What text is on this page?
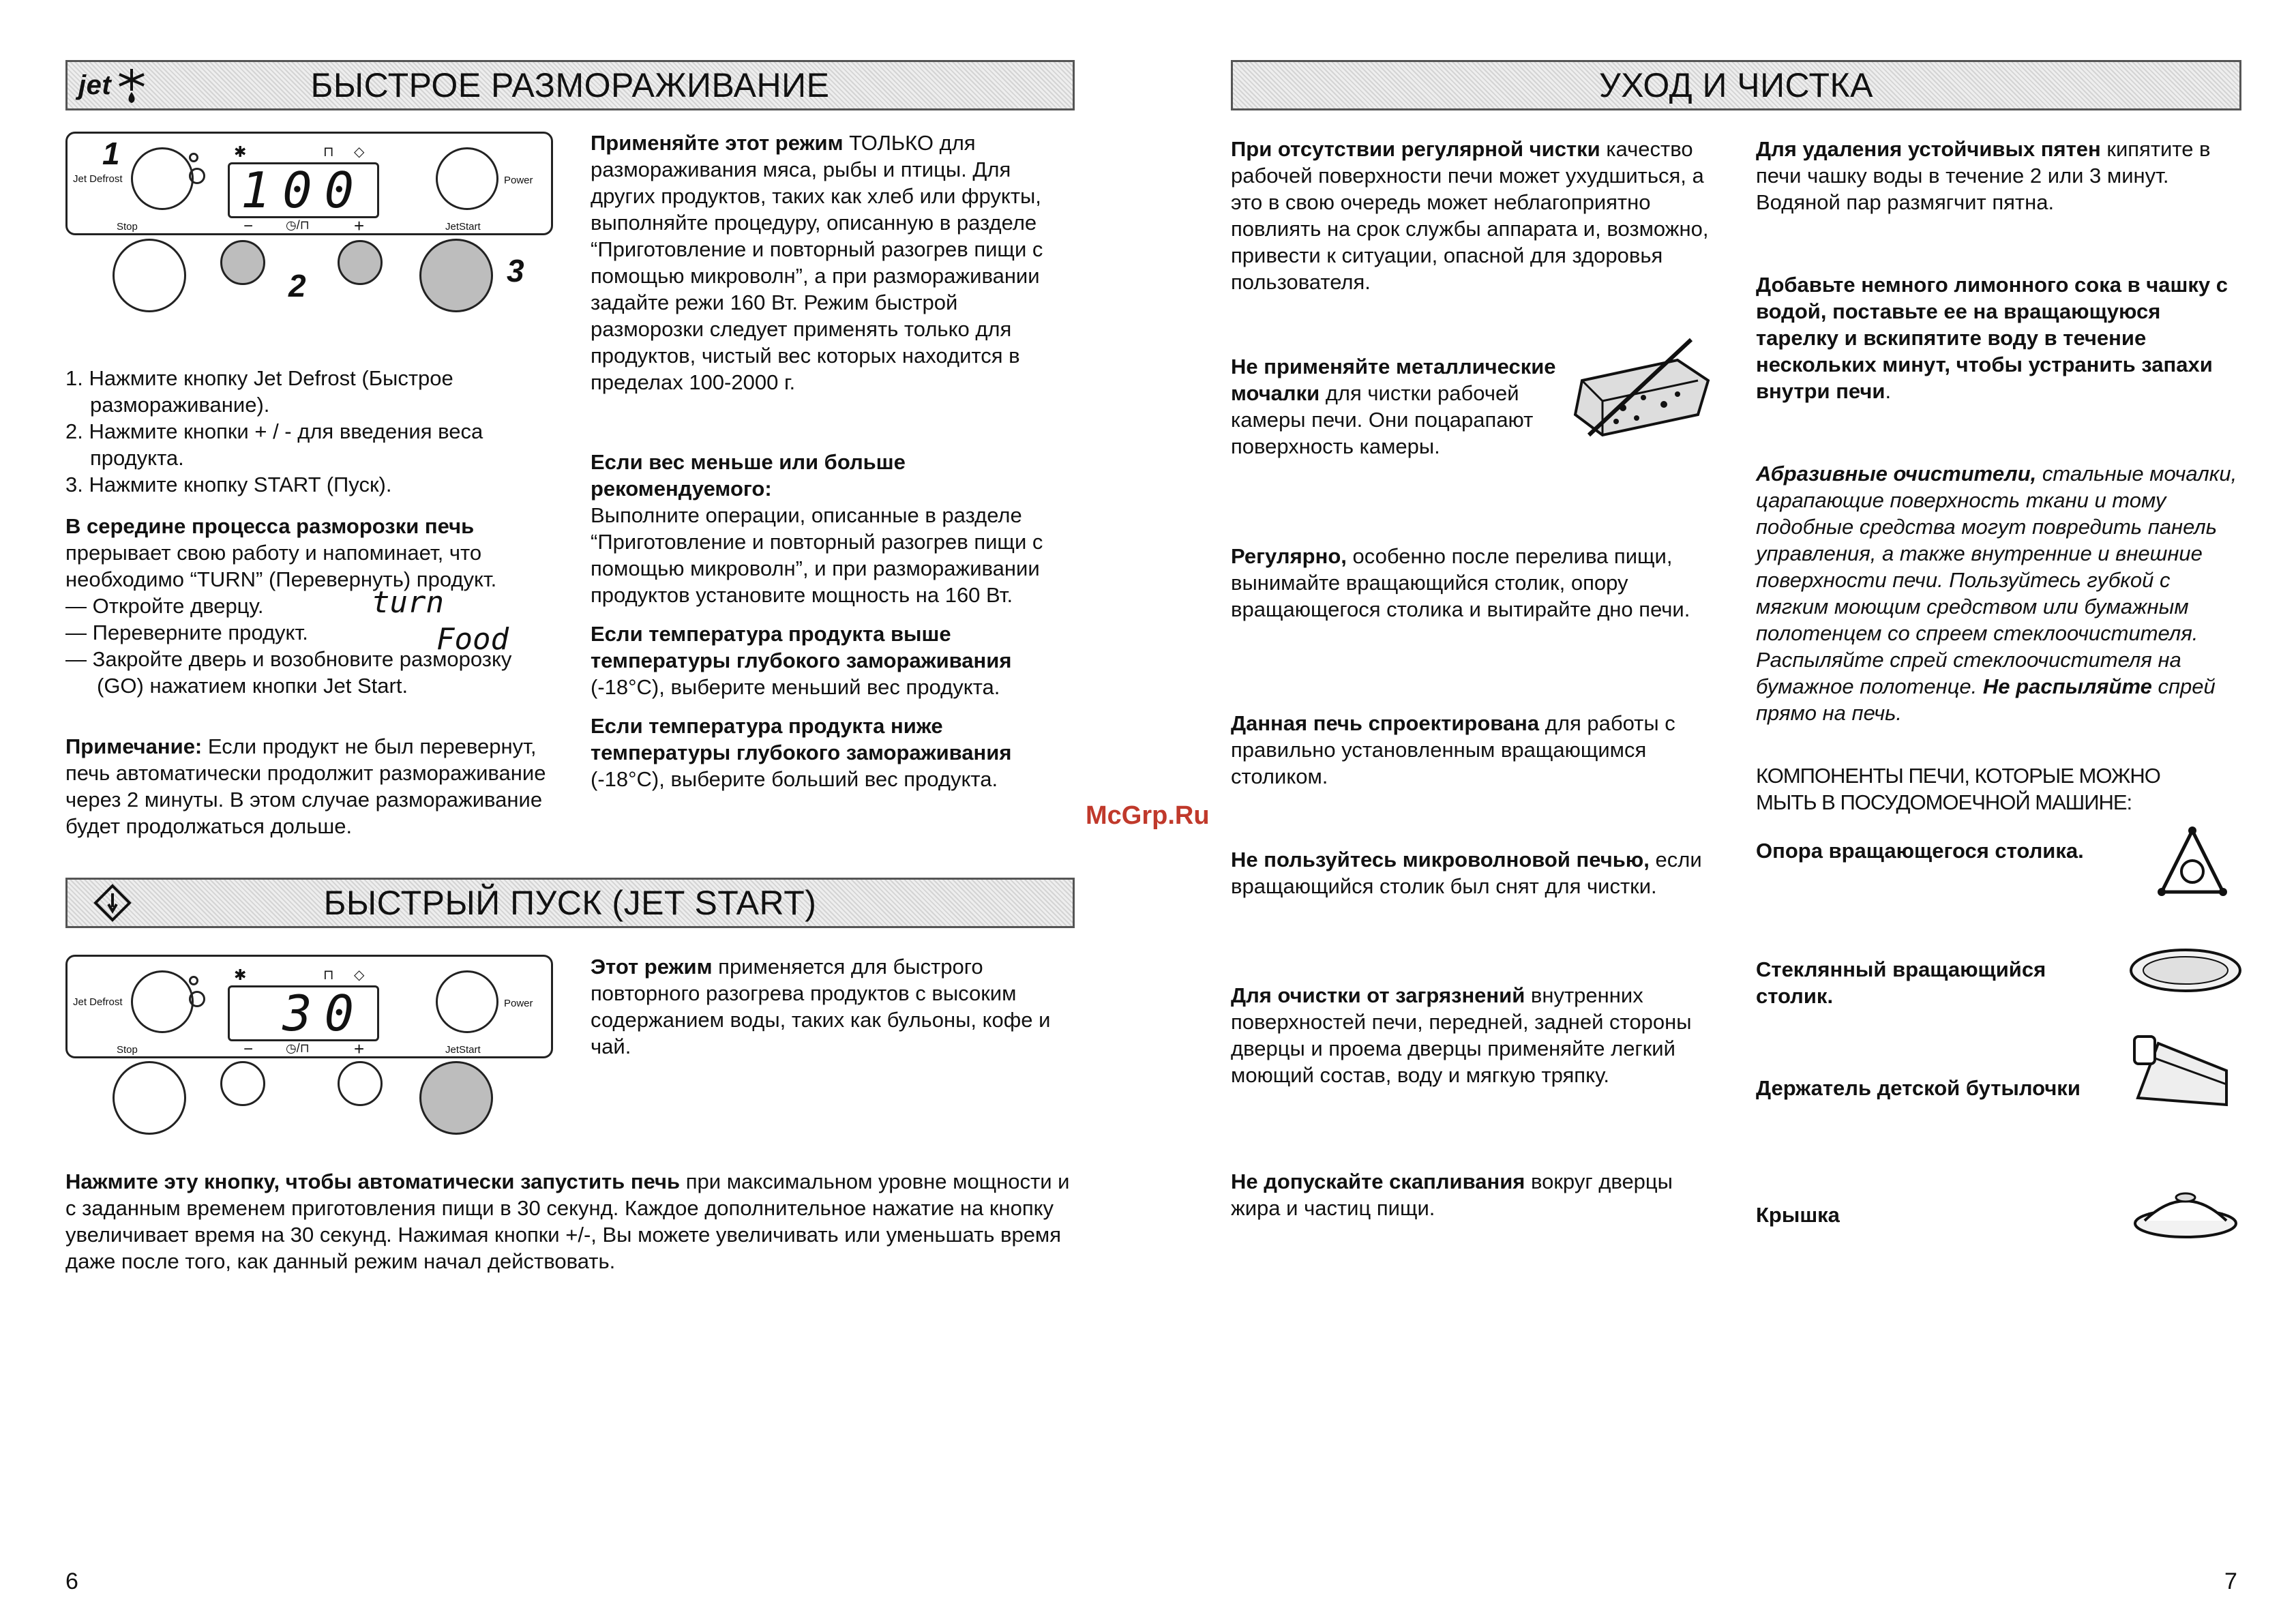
jet	БЫСТРОЕ РАЗМОРАЖИВАНИЕ
Jet Defrost 100
✱	⊓ ◇
Power
Stop	−	◷/⊓	+	JetStart
1
2	3
1. Нажмите кнопку Jet Defrost (Быстрое размораживание).
2. Нажмите кнопки + / - для введения веса продукта.
3. Нажмите кнопку START (Пуск).

В середине процесса разморозки печь прерывает свою работу и напоминает, что необходимо “TURN” (Перевернуть) продукт.

— Откройте дверцу.

— Переверните продукт.

— Закройте дверь и возобновите разморозку (GO) нажатием кнопки Jet Start.

turn
Food

Примечание: Если продукт не был перевернут, печь автоматически продолжит размораживание через 2 минуты. В этом случае размораживание будет продолжаться дольше.

Применяйте этот режим ТОЛЬКО для размораживания мяса, рыбы и птицы. Для других продуктов, таких как хлеб или фрукты, выполняйте процедуру, описанную в разделе “Приготовление и повторный разогрев пищи с помощью микроволн”, а при размораживании задайте режи 160 Вт. Режим быстрой разморозки следует применять только для продуктов, чистый вес которых находится в пределах 100-2000 г.

Если вес меньше или больше рекомендуемого:
Выполните операции, описанные в разделе “Приготовление и повторный разогрев пищи с помощью микроволн”, и при размораживании продуктов установите мощность на 160 Вт.

Если температура продукта выше температуры глубокого замораживания (-18°С), выберите меньший вес продукта.

Если температура продукта ниже температуры глубокого замораживания (-18°С), выберите больший вес продукта.

БЫСТРЫЙ ПУСК (JET START)
Jet Defrost	30
✱	⊓ ◇
Power
Stop	−	◷/⊓	+	JetStart

Этот режим применяется для быстрого повторного разогрева продуктов с высоким содержанием воды, таких как бульоны, кофе и чай.

Нажмите эту кнопку, чтобы автоматически запустить печь при максимальном уровне мощности и с заданным временем приготовления пищи в 30 секунд. Каждое дополнительное нажатие на кнопку увеличивает время на 30 секунд. Нажимая кнопки +/-, Вы можете увеличивать или уменьшать время даже после того, как данный режим начал действовать.

6
McGrp.Ru
УХОД И ЧИСТКА

При отсутствии регулярной чистки качество рабочей поверхности печи может ухудшиться, а это в свою очередь может неблагоприятно повлиять на срок службы аппарата и, возможно, привести к ситуации, опасной для здоровья пользователя.

Не применяйте металлические мочалки для чистки рабочей камеры печи. Они поцарапают поверхность камеры.

Регулярно, особенно после перелива пищи, вынимайте вращающийся столик, опору вращающегося столика и вытирайте дно печи.

Данная печь спроектирована для работы с правильно установленным вращающимся столиком.

Не пользуйтесь микроволновой печью, если вращающийся столик был снят для чистки.

Для очистки от загрязнений внутренних поверхностей печи, передней, задней стороны дверцы и проема дверцы применяйте легкий моющий состав, воду и мягкую тряпку.

Не допускайте скапливания вокруг дверцы жира и частиц пищи.

Для удаления устойчивых пятен кипятите в печи чашку воды в течение 2 или 3 минут. Водяной пар размягчит пятна.

Добавьте немного лимонного сока в чашку с водой, поставьте ее на вращающуюся тарелку и вскипятите воду в течение нескольких минут, чтобы устранить запахи внутри печи.

Абразивные очистители, стальные мочалки, царапающие поверхность ткани и тому подобные средства могут повредить панель управления, а также внутренние и внешние поверхности печи. Пользуйтесь губкой с мягким моющим средством или бумажным полотенцем со спреем стеклоочистителя. Распыляйте спрей стеклоочистителя на бумажное полотенце. Не распыляйте спрей прямо на печь.

КОМПОНЕНТЫ ПЕЧИ, КОТОРЫЕ МОЖНО МЫТЬ В ПОСУДОМОЕЧНОЙ МАШИНЕ:
Опора вращающегося столика.
Стеклянный вращающийся столик.
Держатель детской бутылочки
Крышка
7
